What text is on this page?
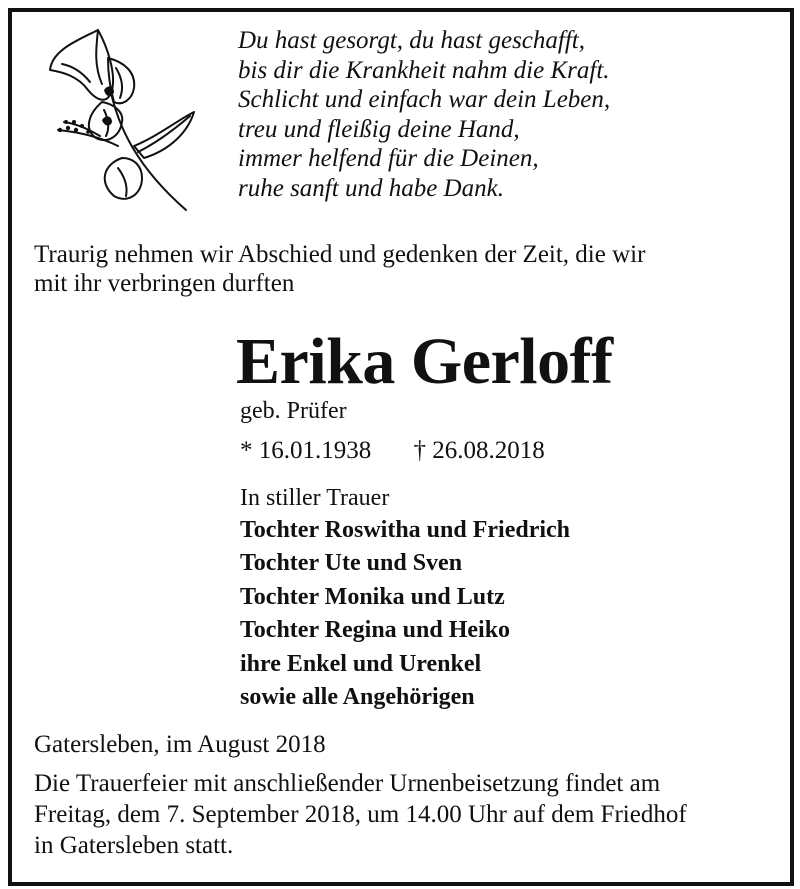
Du hast gesorgt, du hast geschafft,
bis dir die Krankheit nahm die Kraft.
Schlicht und einfach war dein Leben,
treu und fleißig deine Hand,
immer helfend für die Deinen,
ruhe sanft und habe Dank.
Traurig nehmen wir Abschied und gedenken der Zeit, die wir
mit ihr verbringen durften
Erika Gerloff
geb. Prüfer
* 16.01.1938 † 26.08.2018
In stiller Trauer
Tochter Roswitha und Friedrich
Tochter Ute und Sven
Tochter Monika und Lutz
Tochter Regina und Heiko
ihre Enkel und Urenkel
sowie alle Angehörigen
Gatersleben, im August 2018
Die Trauerfeier mit anschließender Urnenbeisetzung findet am
Freitag, dem 7. September 2018, um 14.00 Uhr auf dem Friedhof
in Gatersleben statt.
